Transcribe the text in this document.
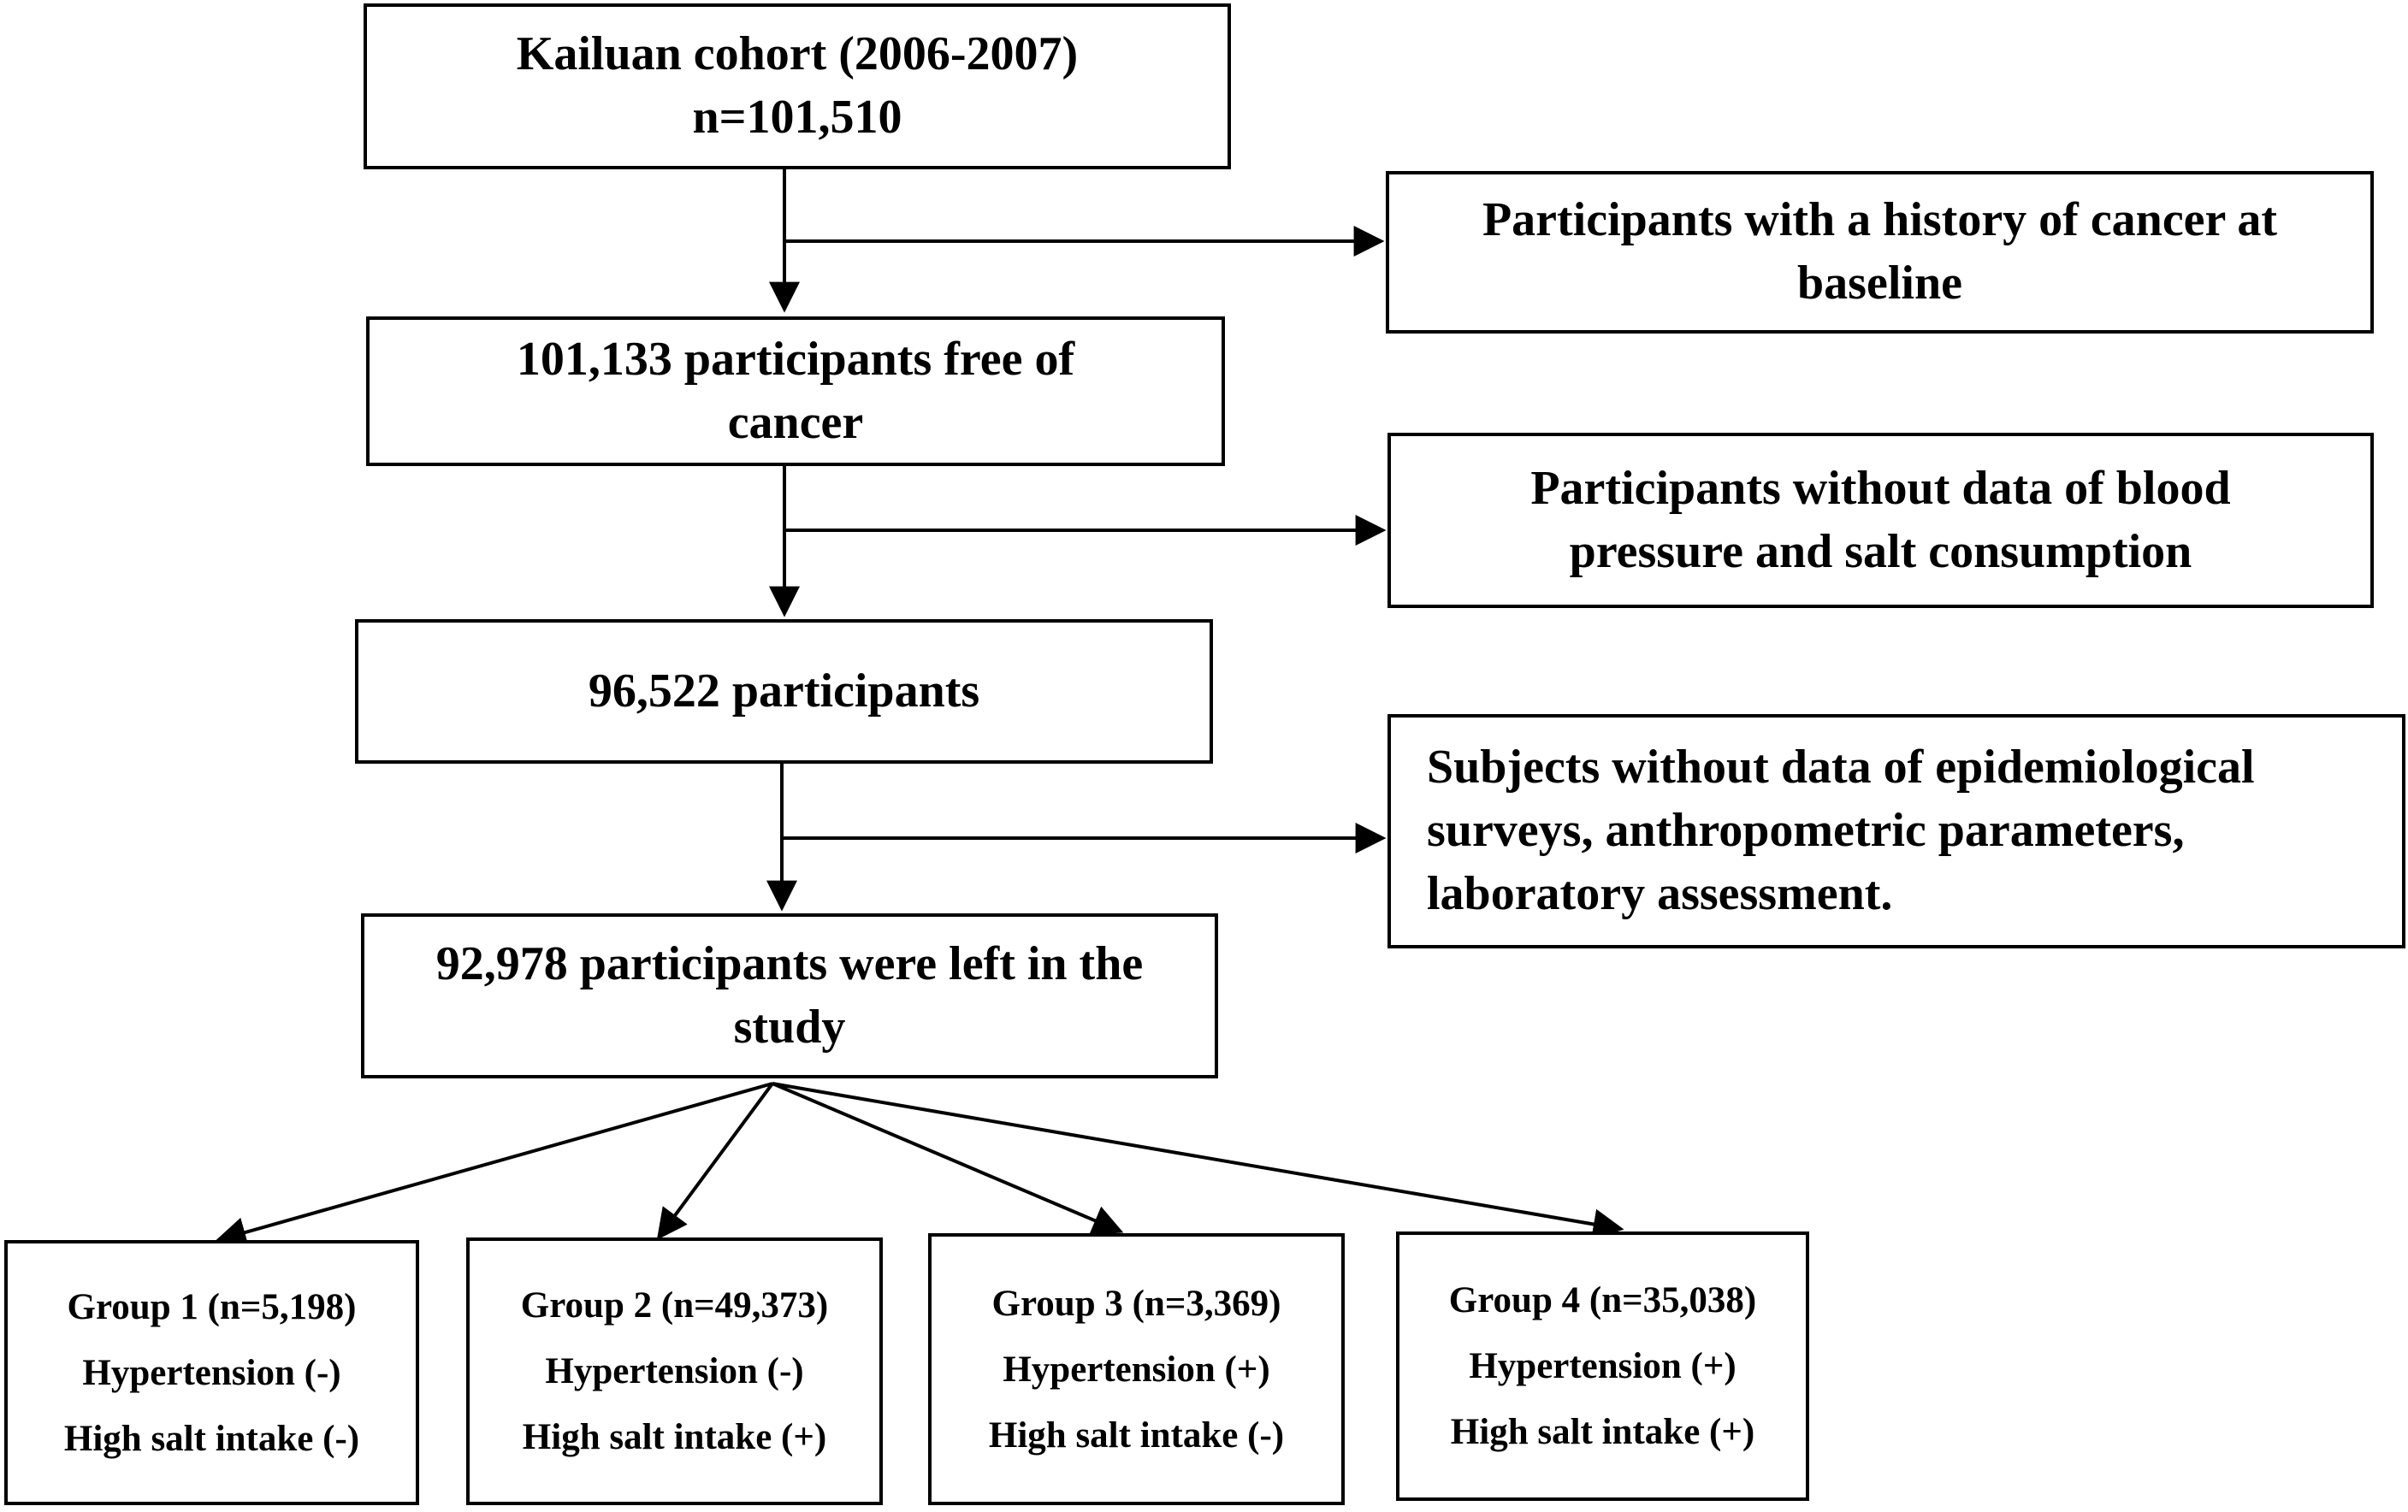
Kailuan cohort (2006-2007)
n=101,510
101,133 participants free of cancer
96,522 participants
92,978 participants were left in the study
Participants with a history of cancer at baseline
Participants without data of blood pressure and salt consumption
Subjects without data of epidemiological
surveys, anthropometric parameters,
laboratory assessment.
Group 1 (n=5,198)
Hypertension (-)
High salt intake (-)
Group 2 (n=49,373)
Hypertension (-)
High salt intake (+)
Group 3 (n=3,369)
Hypertension (+)
High salt intake (-)
Group 4 (n=35,038)
Hypertension (+)
High salt intake (+)
